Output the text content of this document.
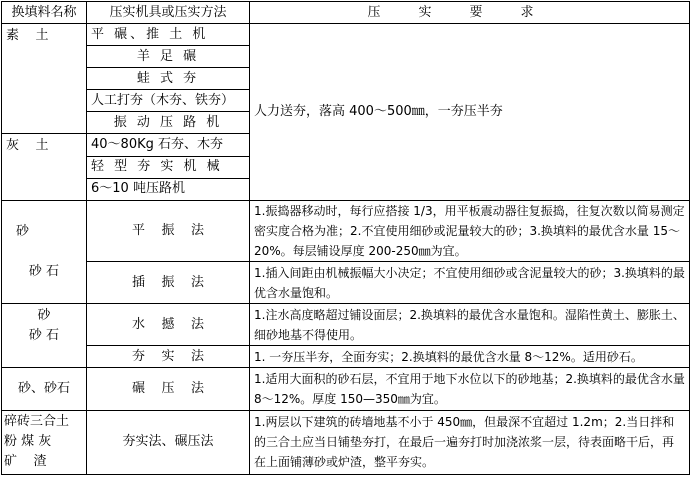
换填料名称	压实机具或压实方法	压实要求
素    土	平 碾、推 土 机	人力送夯，落高 400～500㎜，一夯压半夯
	羊 足 碾	
	蛙 式 夯	
	人工打夯（木夯、铁夯）	
	振 动 压 路 机	
灰    土	40～80Kg 石夯、木夯	
	轻 型 夯 实 机 械	
	6～10 吨压路机	

砂
砂 石	平    振    法	1.振捣器移动时，每行应搭接 1/3，用平板震动器往复振捣，往复次数以简易测定密实度合格为准；2.不宜使用细砂或泥量较大的砂；3.换填料的最优含水量 15～20%。每层铺设厚度 200-250㎜为宜。
	插    振    法	1.插入间距由机械振幅大小决定；不宜使用细砂或含泥量较大的砂；3.换填料的最优含水量饱和。

砂
砂 石	水    撼    法	1.注水高度略超过铺设面层；2.换填料的最优含水量饱和。湿陷性黄土、膨胀土、细砂地基不得使用。
	夯    实    法	1. 一夯压半夯，全面夯实；2.换填料的最优含水量 8～12%。适用砂石。
砂、砂石	碾    压    法	1.适用大面积的砂石层，不宜用于地下水位以下的砂地基；2.换填料的最优含水量 8～12%。厚度 150—350㎜为宜。

碎砖三合土
粉 煤 灰
矿    渣	夯实法、碾压法	1.两层以下建筑的砖墙地基不小于 450㎜，但最深不宜超过 1.2m；2.当日拌和的三合土应当日铺垫夯打，在最后一遍夯打时加浇浓浆一层，待表面略干后，再在上面铺薄砂或炉渣，整平夯实。
